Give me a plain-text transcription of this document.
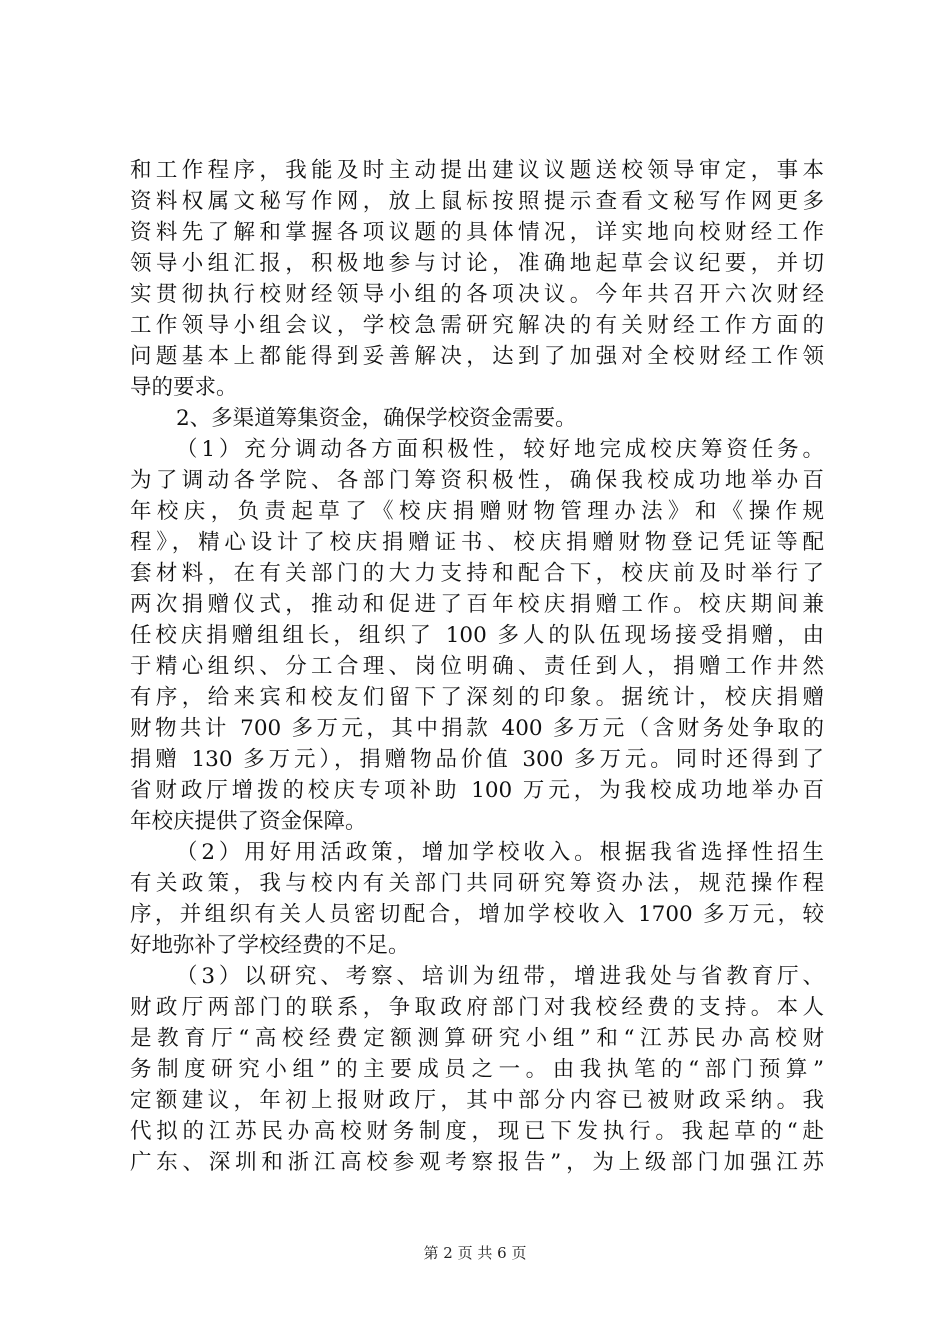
和工作程序，我能及时主动提出建议议题送校领导审定，事本
资料权属文秘写作网，放上鼠标按照提示查看文秘写作网更多
资料先了解和掌握各项议题的具体情况，详实地向校财经工作
领导小组汇报，积极地参与讨论，准确地起草会议纪要，并切
实贯彻执行校财经领导小组的各项决议。今年共召开六次财经
工作领导小组会议，学校急需研究解决的有关财经工作方面的
问题基本上都能得到妥善解决，达到了加强对全校财经工作领
导的要求。
2、多渠道筹集资金，确保学校资金需要。
（1）充分调动各方面积极性，较好地完成校庆筹资任务。
为了调动各学院、各部门筹资积极性，确保我校成功地举办百
年校庆，负责起草了《校庆捐赠财物管理办法》和《操作规
程》，精心设计了校庆捐赠证书、校庆捐赠财物登记凭证等配
套材料，在有关部门的大力支持和配合下，校庆前及时举行了
两次捐赠仪式，推动和促进了百年校庆捐赠工作。校庆期间兼
任校庆捐赠组组长，组织了 100 多人的队伍现场接受捐赠，由
于精心组织、分工合理、岗位明确、责任到人，捐赠工作井然
有序，给来宾和校友们留下了深刻的印象。据统计，校庆捐赠
财物共计 700 多万元，其中捐款 400 多万元（含财务处争取的
捐赠 130 多万元），捐赠物品价值 300 多万元。同时还得到了
省财政厅增拨的校庆专项补助 100 万元，为我校成功地举办百
年校庆提供了资金保障。
（2）用好用活政策，增加学校收入。根据我省选择性招生
有关政策，我与校内有关部门共同研究筹资办法，规范操作程
序，并组织有关人员密切配合，增加学校收入 1700 多万元，较
好地弥补了学校经费的不足。
（3）以研究、考察、培训为纽带，增进我处与省教育厅、
财政厅两部门的联系，争取政府部门对我校经费的支持。本人
是教育厅“高校经费定额测算研究小组”和“江苏民办高校财
务制度研究小组”的主要成员之一。由我执笔的“部门预算”
定额建议，年初上报财政厅，其中部分内容已被财政采纳。我
代拟的江苏民办高校财务制度，现已下发执行。我起草的“赴
广东、深圳和浙江高校参观考察报告”，为上级部门加强江苏
第 2 页 共 6 页
